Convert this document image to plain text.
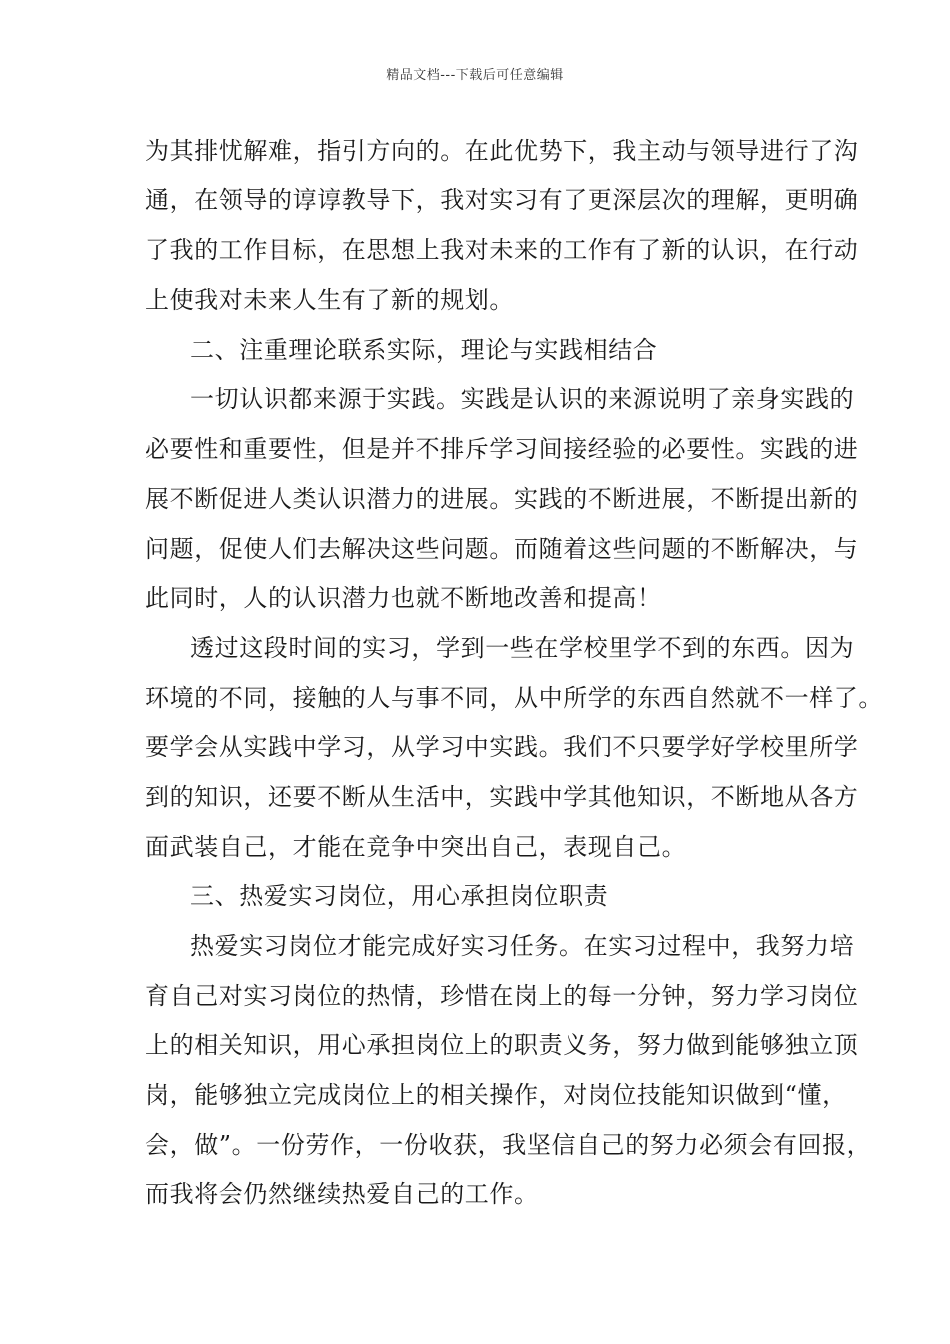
精品文档---下载后可任意编辑
为其排忧解难，指引方向的。在此优势下，我主动与领导进行了沟
通，在领导的谆谆教导下，我对实习有了更深层次的理解，更明确
了我的工作目标，在思想上我对未来的工作有了新的认识，在行动
上使我对未来人生有了新的规划。
二、注重理论联系实际，理论与实践相结合
一切认识都来源于实践。实践是认识的来源说明了亲身实践的
必要性和重要性，但是并不排斥学习间接经验的必要性。实践的进
展不断促进人类认识潜力的进展。实践的不断进展，不断提出新的
问题，促使人们去解决这些问题。而随着这些问题的不断解决，与
此同时，人的认识潜力也就不断地改善和提高！
透过这段时间的实习，学到一些在学校里学不到的东西。因为
环境的不同，接触的人与事不同，从中所学的东西自然就不一样了。
要学会从实践中学习，从学习中实践。我们不只要学好学校里所学
到的知识，还要不断从生活中，实践中学其他知识，不断地从各方
面武装自己，才能在竞争中突出自己，表现自己。
三、热爱实习岗位，用心承担岗位职责
热爱实习岗位才能完成好实习任务。在实习过程中，我努力培
育自己对实习岗位的热情，珍惜在岗上的每一分钟，努力学习岗位
上的相关知识，用心承担岗位上的职责义务，努力做到能够独立顶
岗，能够独立完成岗位上的相关操作，对岗位技能知识做到“懂，
会，做”。一份劳作，一份收获，我坚信自己的努力必须会有回报，
而我将会仍然继续热爱自己的工作。
